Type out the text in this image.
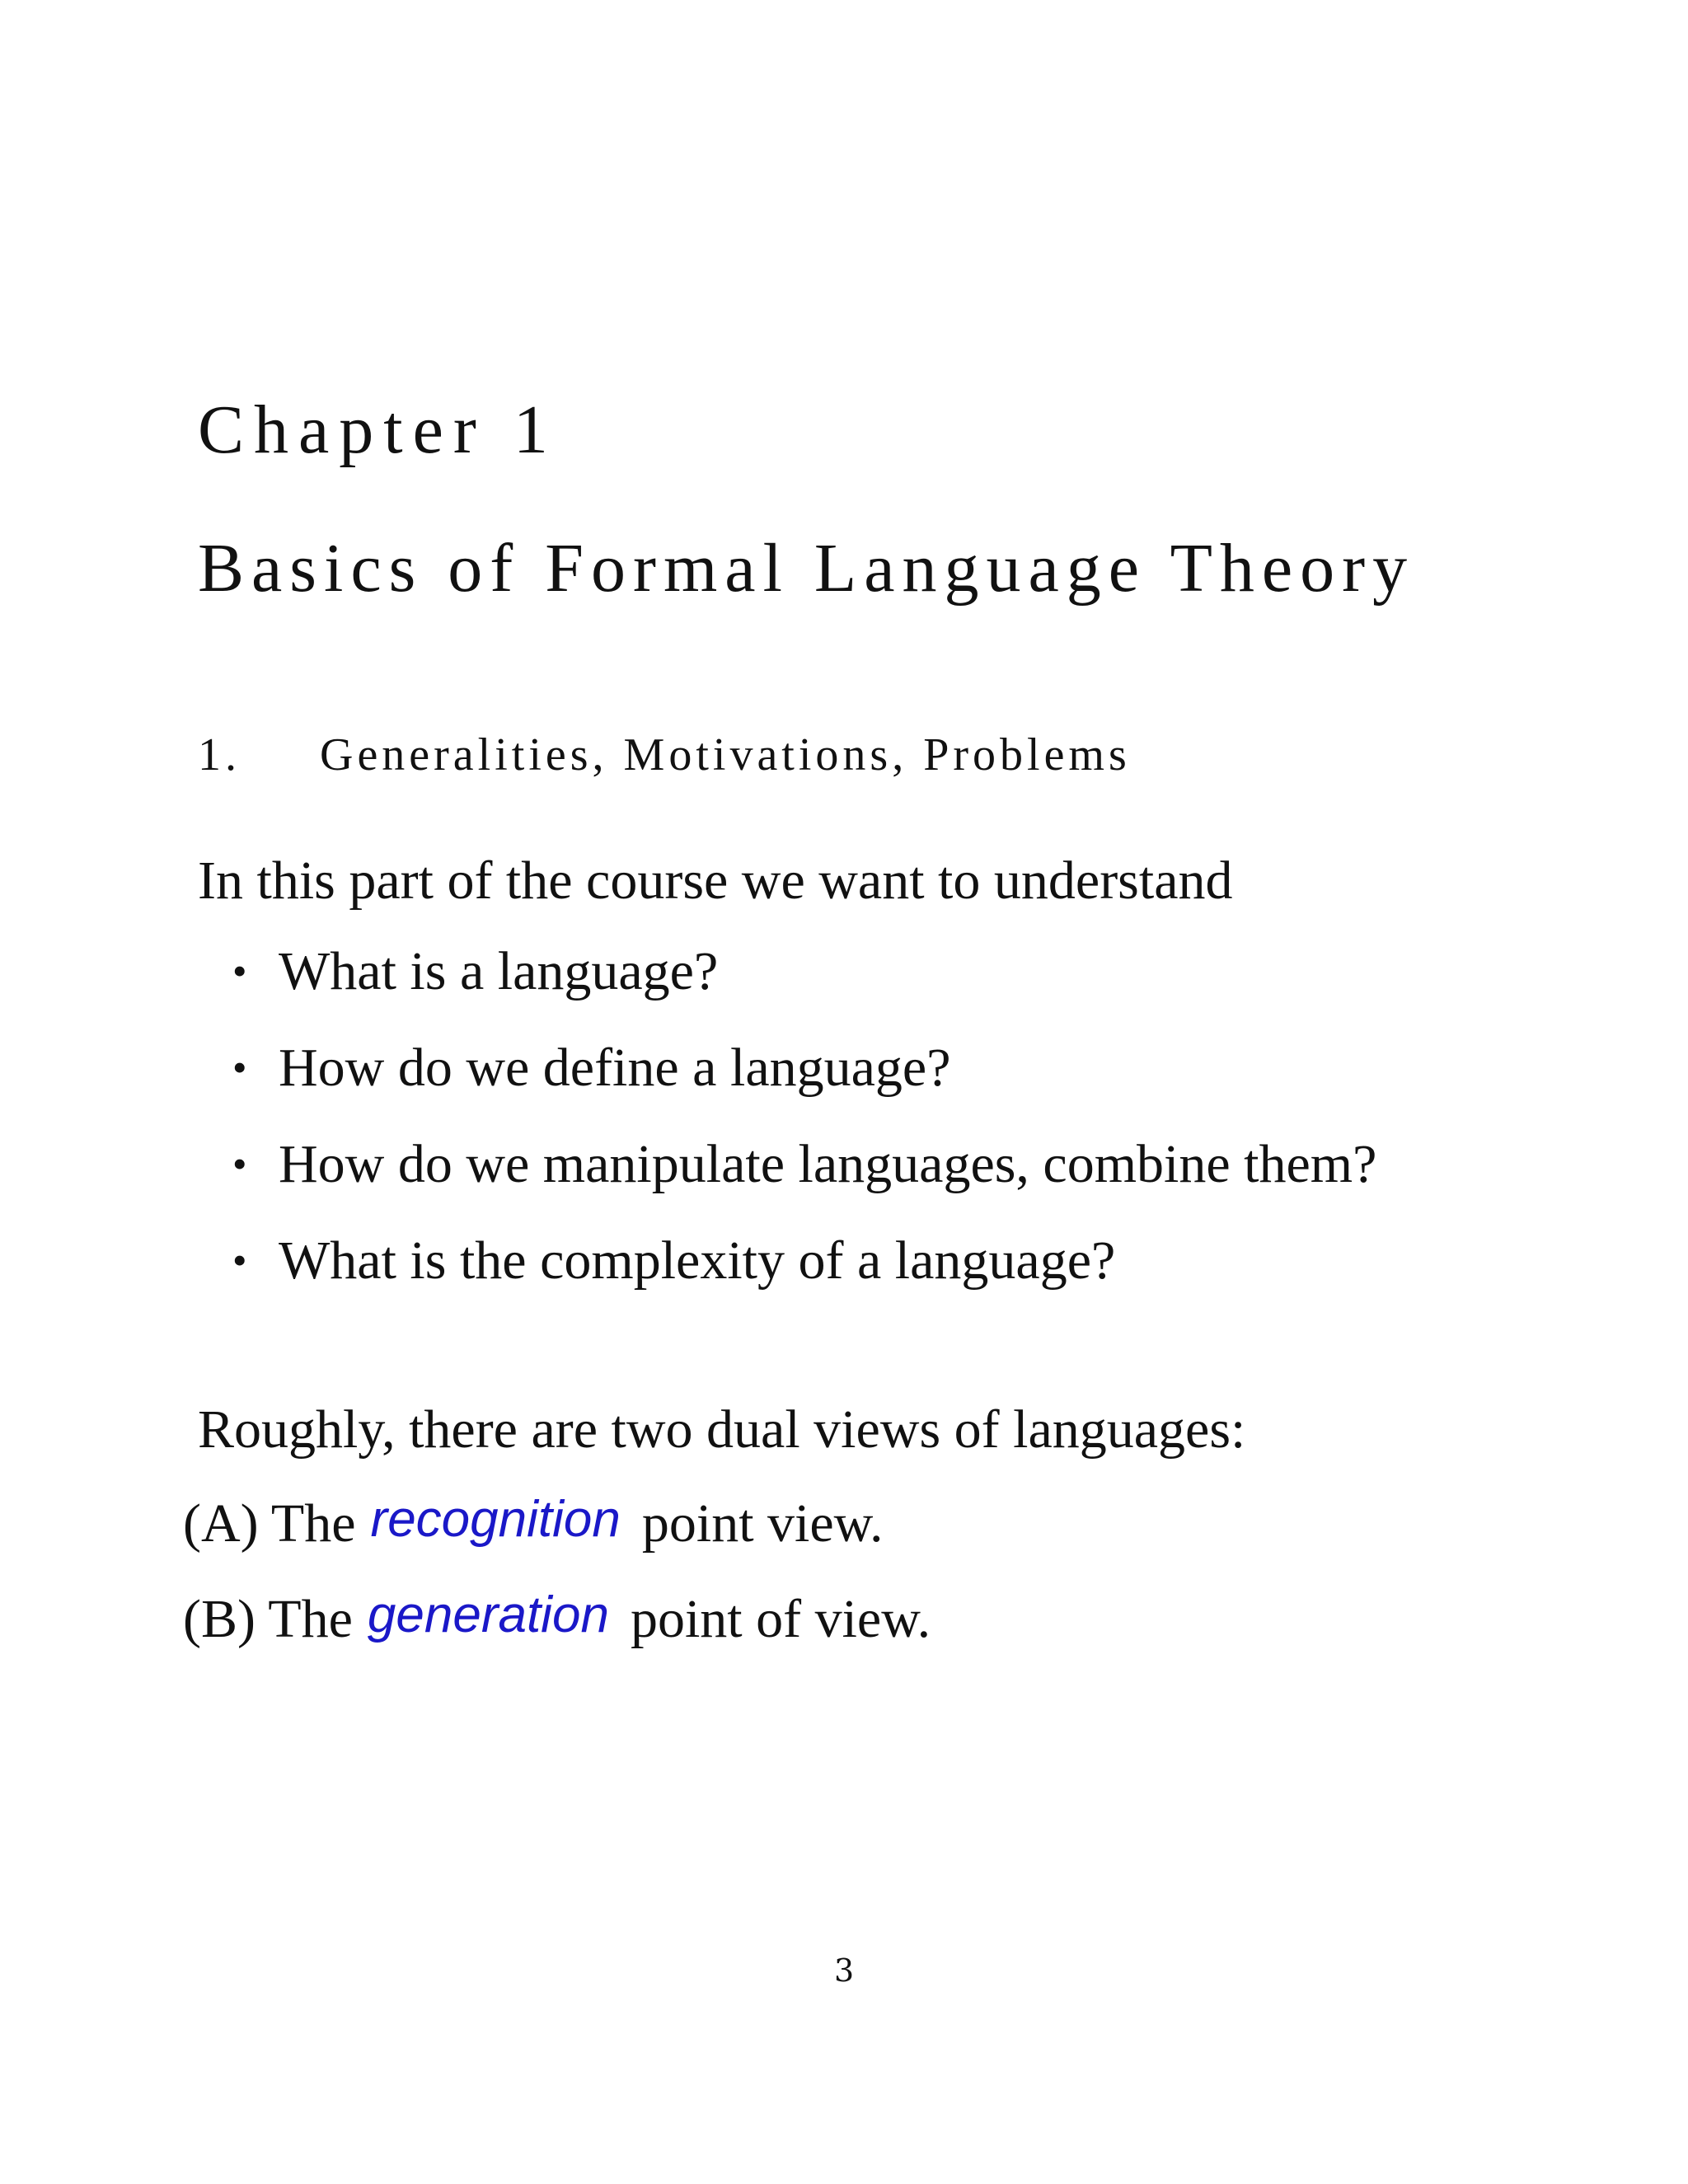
Chapter 1
Basics of Formal Language Theory
1. Generalities, Motivations, Problems
In this part of the course we want to understand
• What is a language?
• How do we define a language?
• How do we manipulate languages, combine them?
• What is the complexity of a language?
Roughly, there are two dual views of languages:
(A) The recognition point view.
(B) The generation point of view.
3
